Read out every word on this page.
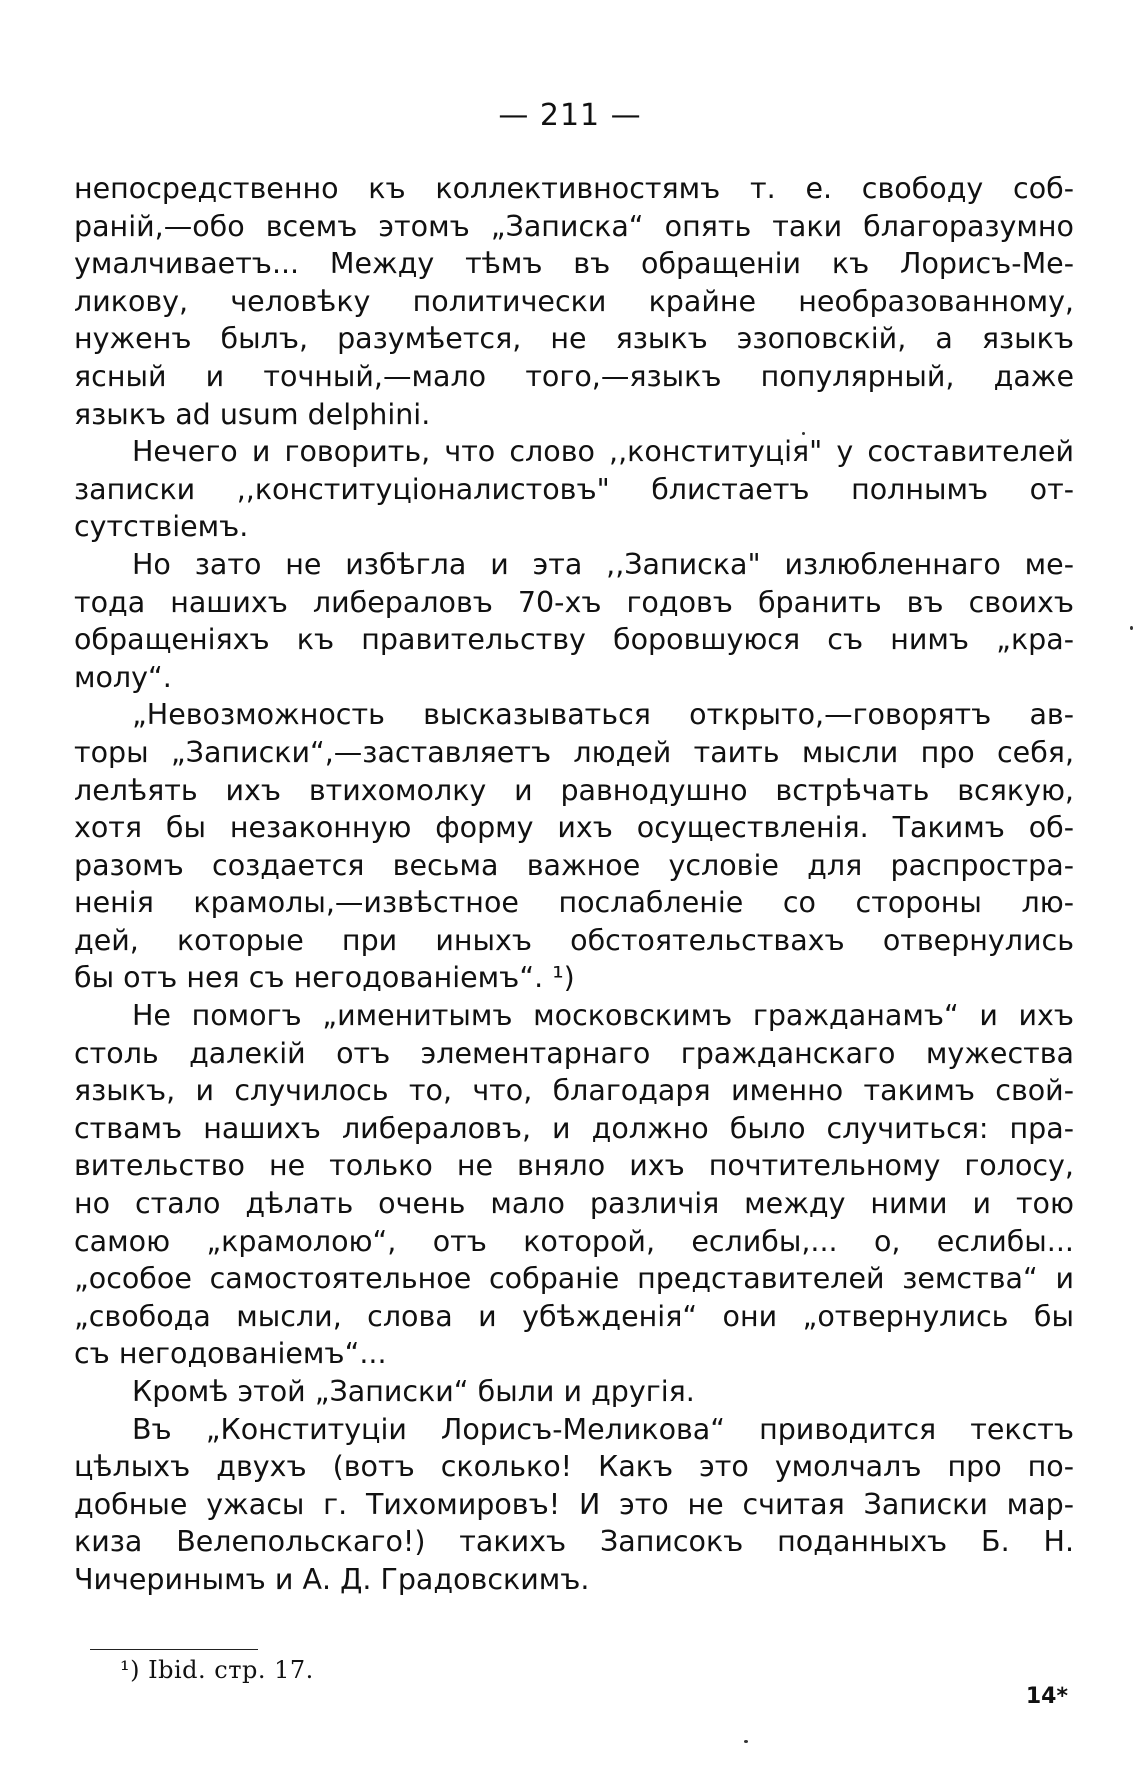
— 211 —
непосредственно къ коллективностямъ т. е. свободу соб-
ранiй,—обо всемъ этомъ „Записка“ опять таки благоразумно
умалчиваетъ... Между тѣмъ въ обращенiи къ Лорисъ-Ме-
ликову, человѣку политически крайне необразованному,
нуженъ былъ, разумѣется, не языкъ эзоповскiй, а языкъ
ясный и точный,—мало того,—языкъ популярный, даже
языкъ ad usum delphini.
Нечего и говорить, что слово ,,конституцiя" у составителей
записки ,,конституцiоналистовъ" блистаетъ полнымъ от-
сутствiемъ.
Но зато не избѣгла и эта ,,Записка" излюбленнаго ме-
тода нашихъ либераловъ 70-хъ годовъ бранить въ своихъ
обращенiяхъ къ правительству боровшуюся съ нимъ „кра-
молу“.
„Невозможность высказываться открыто,—говорятъ ав-
торы „Записки“,—заставляетъ людей таить мысли про себя,
лелѣять ихъ втихомолку и равнодушно встрѣчать всякую,
хотя бы незаконную форму ихъ осуществленiя. Такимъ об-
разомъ создается весьма важное условiе для распростра-
ненiя крамолы,—извѣстное послабленiе со стороны лю-
дей, которые при иныхъ обстоятельствахъ отвернулись
бы отъ нея съ негодованiемъ“. ¹)
Не помогъ „именитымъ московскимъ гражданамъ“ и ихъ
столь далекiй отъ элементарнаго гражданскаго мужества
языкъ, и случилось то, что, благодаря именно такимъ свой-
ствамъ нашихъ либераловъ, и должно было случиться: пра-
вительство не только не вняло ихъ почтительному голосу,
но стало дѣлать очень мало различiя между ними и тою
самою „крамолою“, отъ которой, еслибы,... о, еслибы...
„особое самостоятельное собранiе представителей земства“ и
„свобода мысли, слова и убѣжденiя“ они „отвернулись бы
съ негодованiемъ“...
Кромѣ этой „Записки“ были и другiя.
Въ „Конституцiи Лорисъ-Меликова“ приводится текстъ
цѣлыхъ двухъ (вотъ сколько! Какъ это умолчалъ про по-
добные ужасы г. Тихомировъ! И это не считая Записки мар-
киза Велепольскаго!) такихъ Записокъ поданныхъ Б. Н.
Чичеринымъ и А. Д. Градовскимъ.
¹) Ibid. стр. 17.
14*
